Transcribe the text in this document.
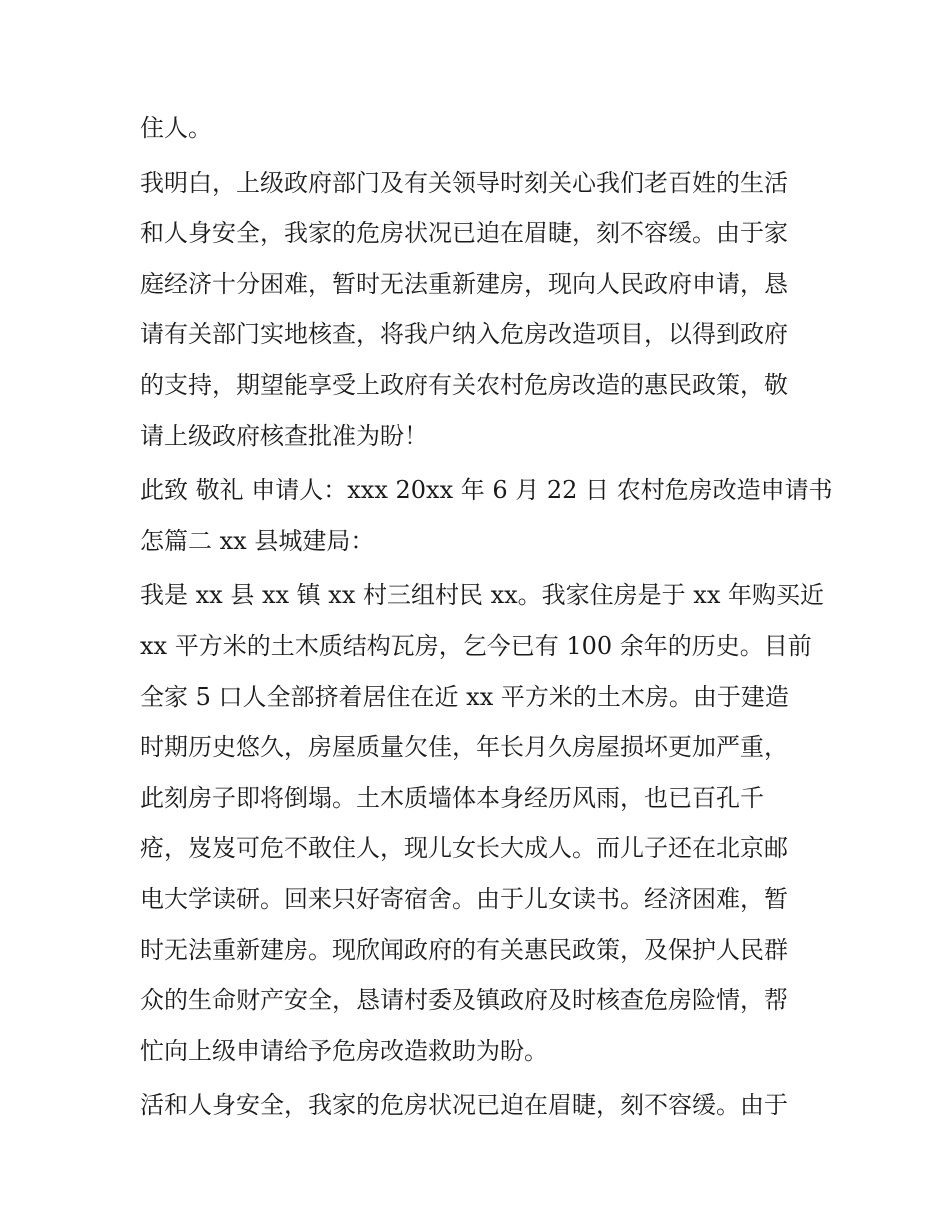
住人。
我明白，上级政府部门及有关领导时刻关心我们老百姓的生活
和人身安全，我家的危房状况已迫在眉睫，刻不容缓。由于家
庭经济十分困难，暂时无法重新建房，现向人民政府申请，恳
请有关部门实地核查，将我户纳入危房改造项目，以得到政府
的支持，期望能享受上政府有关农村危房改造的惠民政策，敬
请上级政府核查批准为盼！
此致 敬礼 申请人：xxx 20xx 年 6 月 22 日 农村危房改造申请书
怎篇二 xx 县城建局：
我是 xx 县 xx 镇 xx 村三组村民 xx。我家住房是于 xx 年购买近
xx 平方米的土木质结构瓦房，乞今已有 100 余年的历史。目前
全家 5 口人全部挤着居住在近 xx 平方米的土木房。由于建造
时期历史悠久，房屋质量欠佳，年长月久房屋损坏更加严重，
此刻房子即将倒塌。土木质墙体本身经历风雨，也已百孔千
疮，岌岌可危不敢住人，现儿女长大成人。而儿子还在北京邮
电大学读研。回来只好寄宿舍。由于儿女读书。经济困难，暂
时无法重新建房。现欣闻政府的有关惠民政策，及保护人民群
众的生命财产安全，恳请村委及镇政府及时核查危房险情，帮
忙向上级申请给予危房改造救助为盼。
活和人身安全，我家的危房状况已迫在眉睫，刻不容缓。由于
